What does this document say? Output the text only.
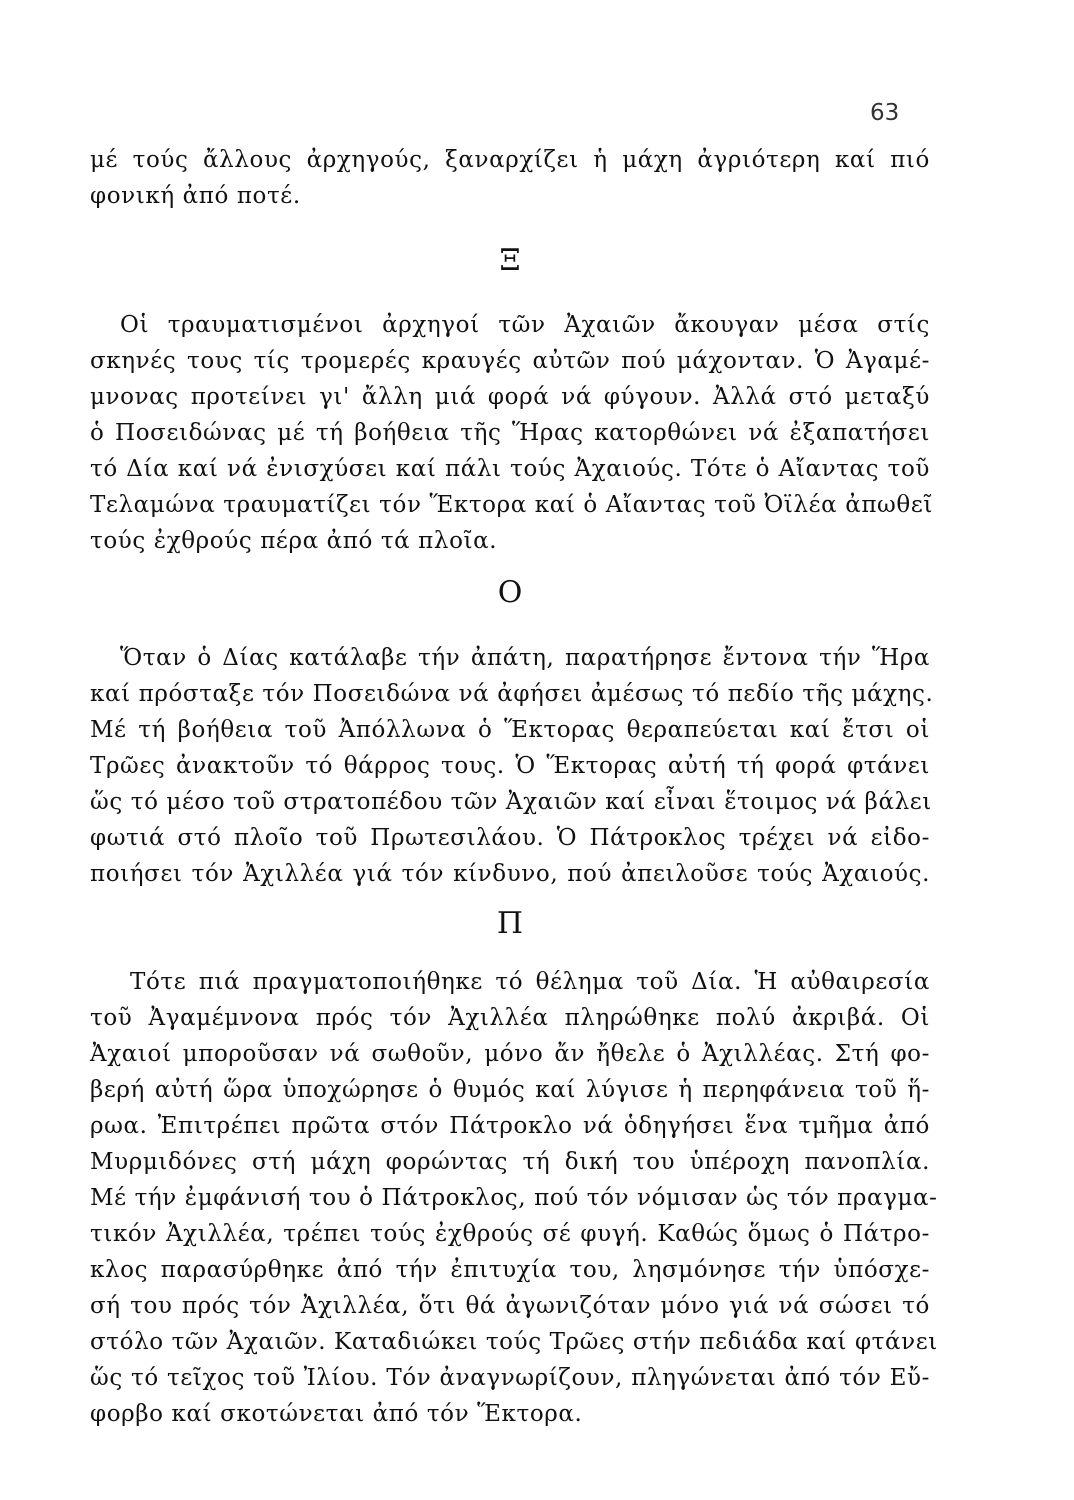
63
μέ τούς ἄλλους ἀρχηγούς, ξαναρχίζει ἡ μάχη ἀγριότερη καί πιό
φονική ἀπό ποτέ.
Ξ
Οἱ τραυματισμένοι ἀρχηγοί τῶν Ἀχαιῶν ἄκουγαν μέσα στίς
σκηνές τους τίς τρομερές κραυγές αὐτῶν πού μάχονταν. Ὁ Ἀγαμέ-
μνονας προτείνει γι' ἄλλη μιά φορά νά φύγουν. Ἀλλά στό μεταξύ
ὁ Ποσειδώνας μέ τή βοήθεια τῆς Ἥρας κατορθώνει νά ἐξαπατήσει
τό Δία καί νά ἐνισχύσει καί πάλι τούς Ἀχαιούς. Τότε ὁ Αἴαντας τοῦ
Τελαμώνα τραυματίζει τόν Ἕκτορα καί ὁ Αἴαντας τοῦ Ὀϊλέα ἀπωθεῖ
τούς ἐχθρούς πέρα ἀπό τά πλοῖα.
Ο
Ὅταν ὁ Δίας κατάλαβε τήν ἀπάτη, παρατήρησε ἔντονα τήν Ἥρα
καί πρόσταξε τόν Ποσειδώνα νά ἀφήσει ἀμέσως τό πεδίο τῆς μάχης.
Μέ τή βοήθεια τοῦ Ἀπόλλωνα ὁ Ἕκτορας θεραπεύεται καί ἔτσι οἱ
Τρῶες ἀνακτοῦν τό θάρρος τους. Ὁ Ἕκτορας αὐτή τή φορά φτάνει
ὥς τό μέσο τοῦ στρατοπέδου τῶν Ἀχαιῶν καί εἶναι ἕτοιμος νά βάλει
φωτιά στό πλοῖο τοῦ Πρωτεσιλάου. Ὁ Πάτροκλος τρέχει νά εἰδο-
ποιήσει τόν Ἀχιλλέα γιά τόν κίνδυνο, πού ἀπειλοῦσε τούς Ἀχαιούς.
Π
Τότε πιά πραγματοποιήθηκε τό θέλημα τοῦ Δία. Ἡ αὐθαιρεσία
τοῦ Ἀγαμέμνονα πρός τόν Ἀχιλλέα πληρώθηκε πολύ ἀκριβά. Οἱ
Ἀχαιοί μποροῦσαν νά σωθοῦν, μόνο ἄν ἤθελε ὁ Ἀχιλλέας. Στή φο-
βερή αὐτή ὥρα ὑποχώρησε ὁ θυμός καί λύγισε ἡ περηφάνεια τοῦ ἥ-
ρωα. Ἐπιτρέπει πρῶτα στόν Πάτροκλο νά ὁδηγήσει ἕνα τμῆμα ἀπό
Μυρμιδόνες στή μάχη φορώντας τή δική του ὑπέροχη πανοπλία.
Μέ τήν ἐμφάνισή του ὁ Πάτροκλος, πού τόν νόμισαν ὡς τόν πραγμα-
τικόν Ἀχιλλέα, τρέπει τούς ἐχθρούς σέ φυγή. Καθώς ὅμως ὁ Πάτρο-
κλος παρασύρθηκε ἀπό τήν ἐπιτυχία του, λησμόνησε τήν ὑπόσχε-
σή του πρός τόν Ἀχιλλέα, ὅτι θά ἀγωνιζόταν μόνο γιά νά σώσει τό
στόλο τῶν Ἀχαιῶν. Καταδιώκει τούς Τρῶες στήν πεδιάδα καί φτάνει
ὥς τό τεῖχος τοῦ Ἰλίου. Τόν ἀναγνωρίζουν, πληγώνεται ἀπό τόν Εὔ-
φορβο καί σκοτώνεται ἀπό τόν Ἕκτορα.
